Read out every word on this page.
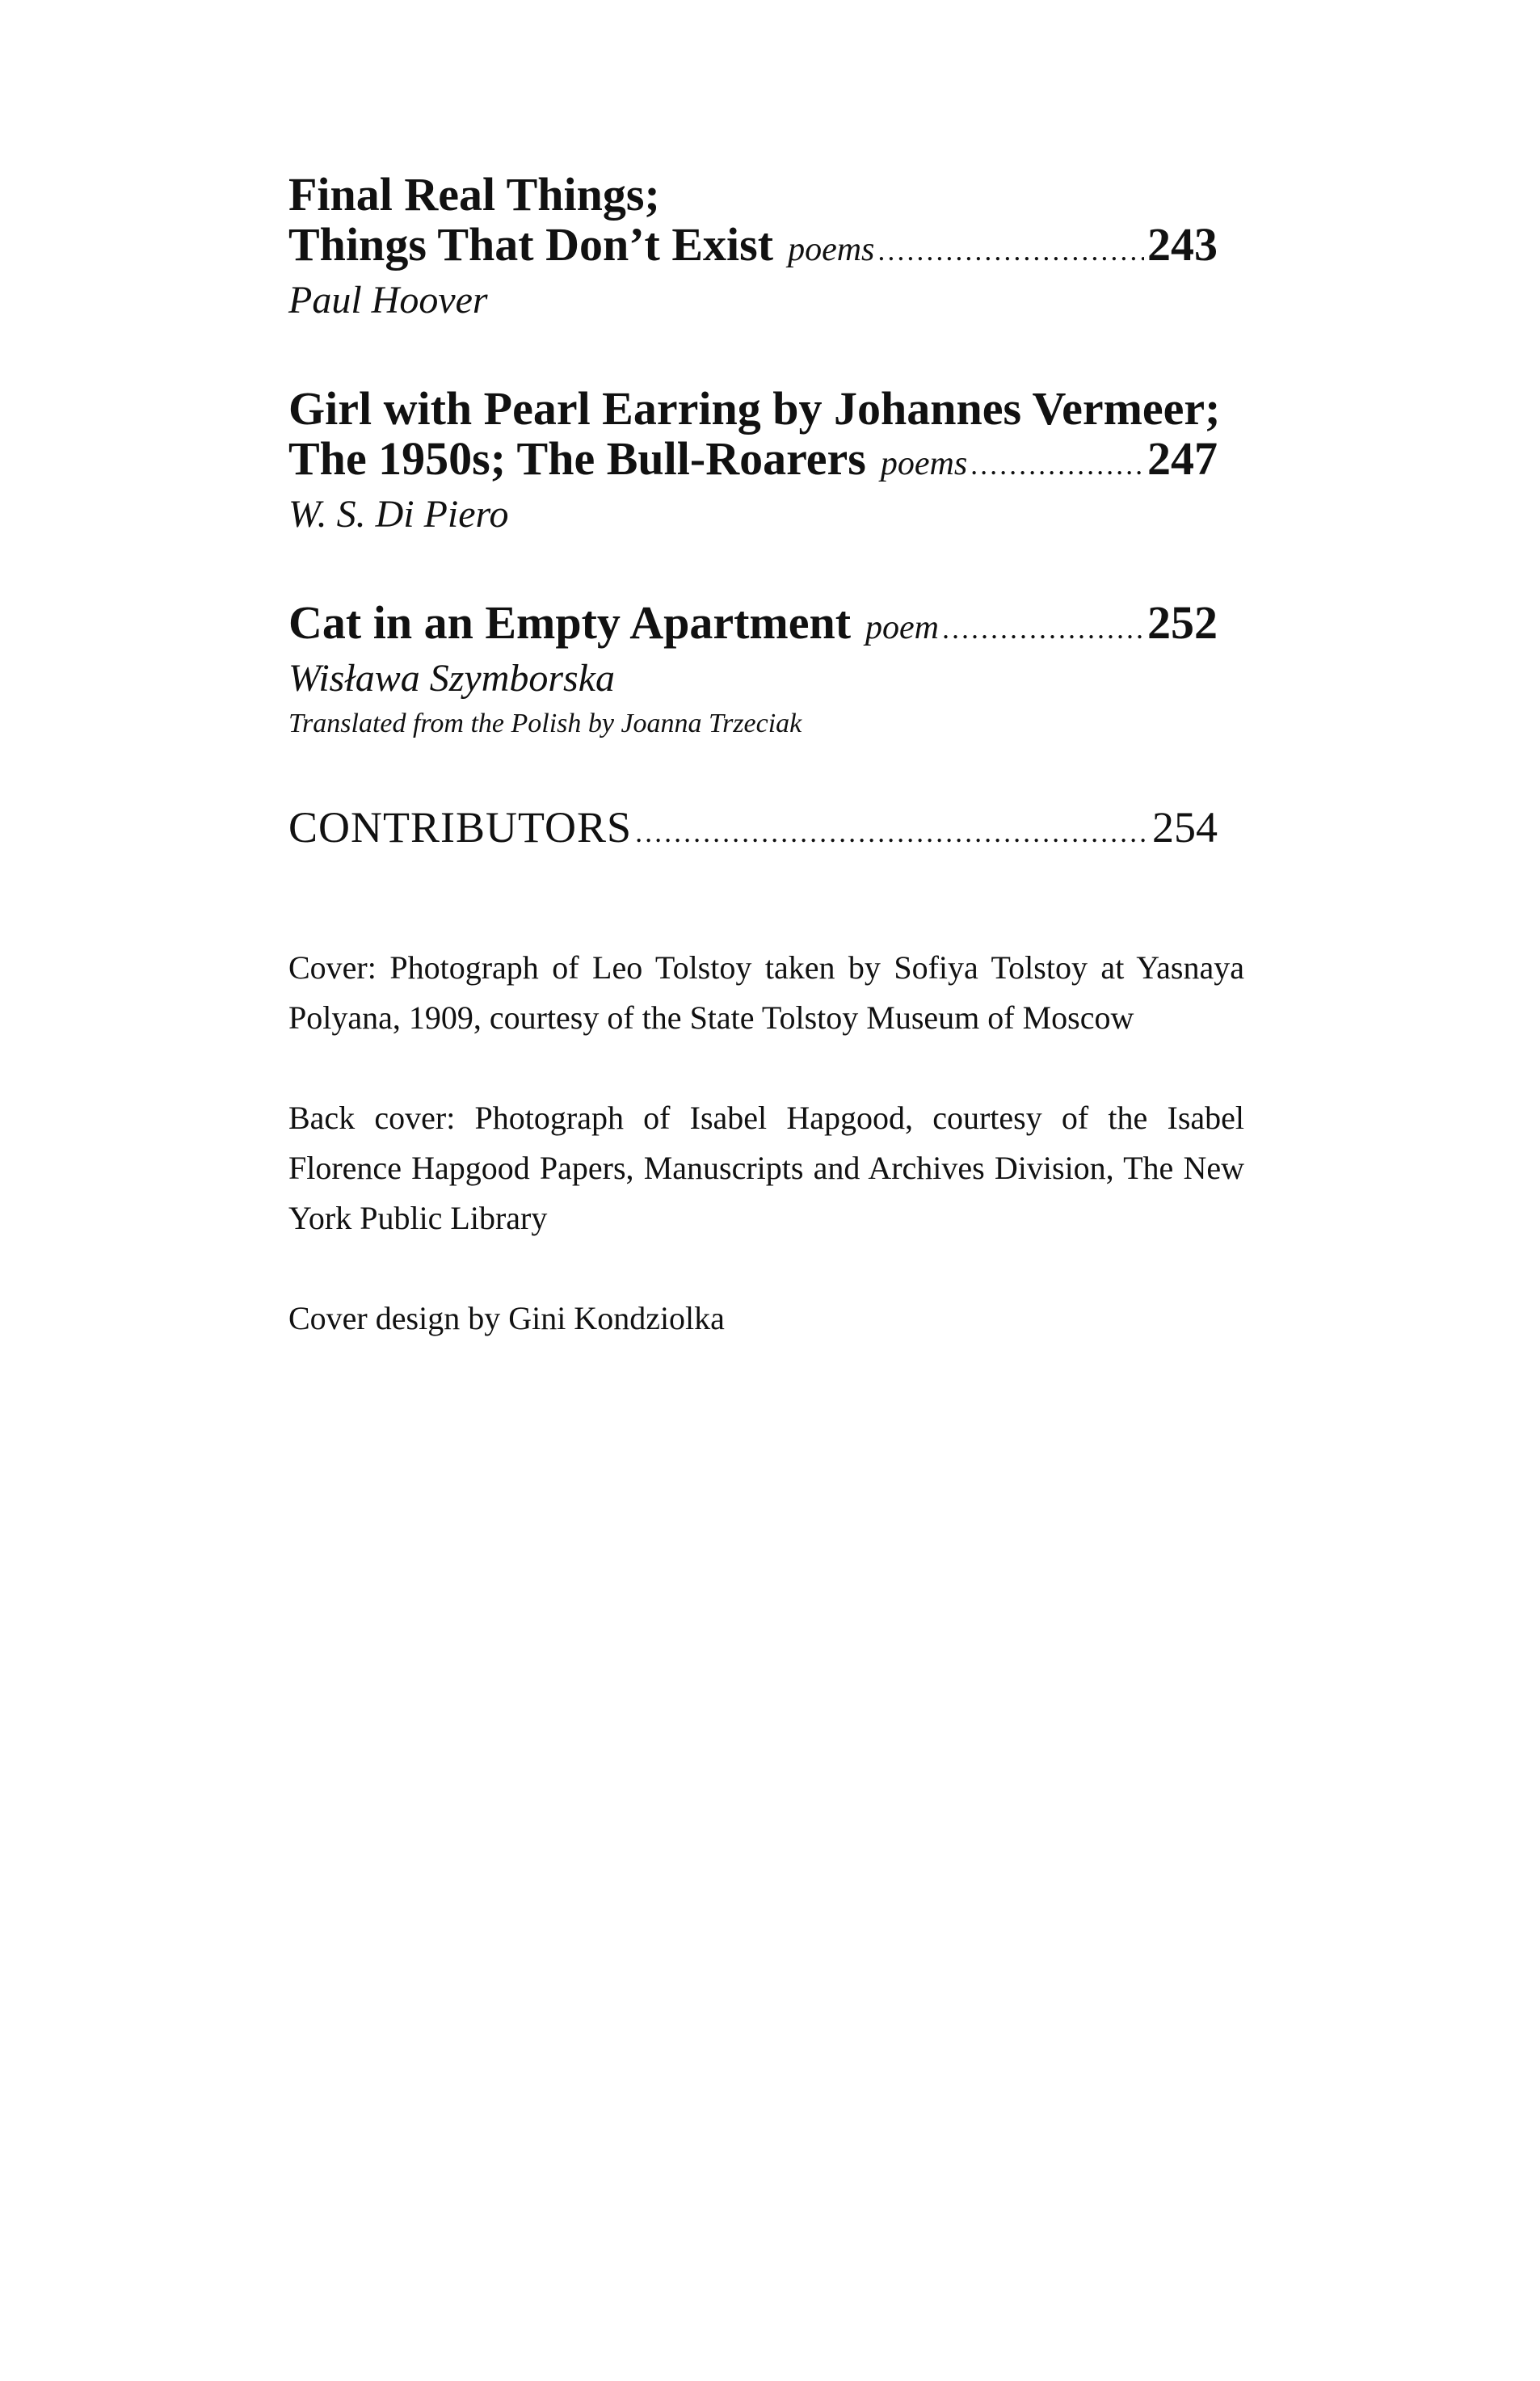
Final Real Things;
Things That Don’t Exist poems .....	243
Paul Hoover
Girl with Pearl Earring by Johannes Vermeer;
The 1950s; The Bull-Roarers poems .....	247
W. S. Di Piero
Cat in an Empty Apartment poem .....	252
Wisława Szymborska
Translated from the Polish by Joanna Trzeciak
CONTRIBUTORS .....	254

Cover: Photograph of Leo Tolstoy taken by Sofiya Tolstoy at Yasnaya Polyana, 1909, courtesy of the State Tolstoy Museum of Moscow

Back cover: Photograph of Isabel Hapgood, courtesy of the Isabel Florence Hapgood Papers, Manuscripts and Archives Division, The New York Public Library

Cover design by Gini Kondziolka
